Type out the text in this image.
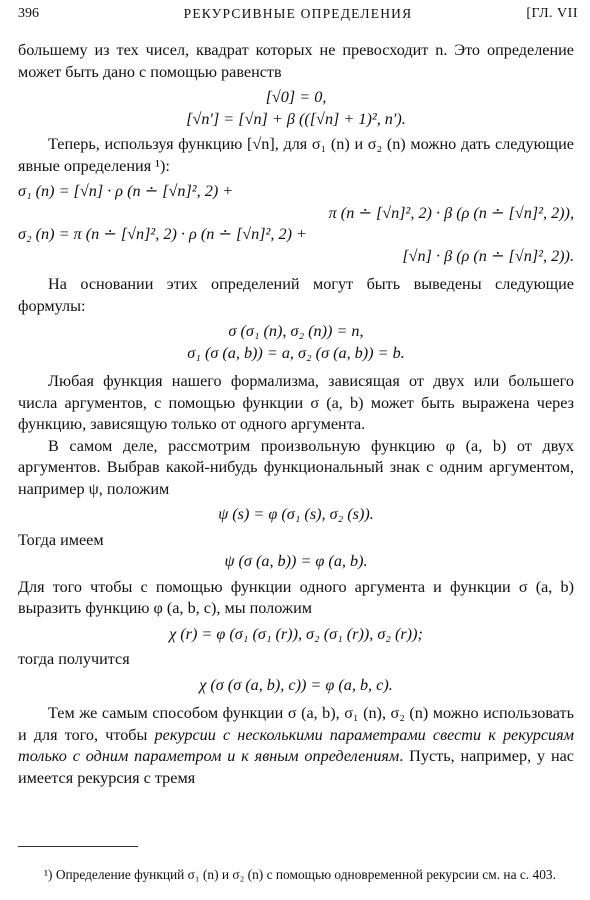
396	РЕКУРСИВНЫЕ ОПРЕДЕЛЕНИЯ	[ГЛ. VII

большему из тех чисел, квадрат которых не превосходит n. Это определение может быть дано с помощью равенств

[√0] = 0,

[√n′] = [√n] + β (([√n] + 1)², n′).

Теперь, используя функцию [√n], для σ₁ (n) и σ₂ (n) можно дать следующие явные определения ¹):

σ₁ (n) = [√n] · ρ (n ∸ [√n]², 2) +

π (n ∸ [√n]², 2) · β (ρ (n ∸ [√n]², 2)),

σ₂ (n) = π (n ∸ [√n]², 2) · ρ (n ∸ [√n]², 2) +

[√n] · β (ρ (n ∸ [√n]², 2)).

На основании этих определений могут быть выведены следующие формулы:

σ (σ₁ (n), σ₂ (n)) = n,

σ₁ (σ (a, b)) = a, σ₂ (σ (a, b)) = b.

Любая функция нашего формализма, зависящая от двух или большего числа аргументов, с помощью функции σ (a, b) может быть выражена через функцию, зависящую только от одного аргумента.

В самом деле, рассмотрим произвольную функцию φ (a, b) от двух аргументов. Выбрав какой-нибудь функциональный знак с одним аргументом, например ψ, положим

ψ (s) = φ (σ₁ (s), σ₂ (s)).

Тогда имеем

ψ (σ (a, b)) = φ (a, b).

Для того чтобы с помощью функции одного аргумента и функции σ (a, b) выразить функцию φ (a, b, c), мы положим

χ (r) = φ (σ₁ (σ₁ (r)), σ₂ (σ₁ (r)), σ₂ (r));

тогда получится

χ (σ (σ (a, b), c)) = φ (a, b, c).

Тем же самым способом функции σ (a, b), σ₁ (n), σ₂ (n) можно использовать и для того, чтобы рекурсии с несколькими параметрами свести к рекурсиям только с одним параметром и к явным определениям. Пусть, например, у нас имеется рекурсия с тремя

¹) Определение функций σ₁ (n) и σ₂ (n) с помощью одновременной рекурсии см. на с. 403.
